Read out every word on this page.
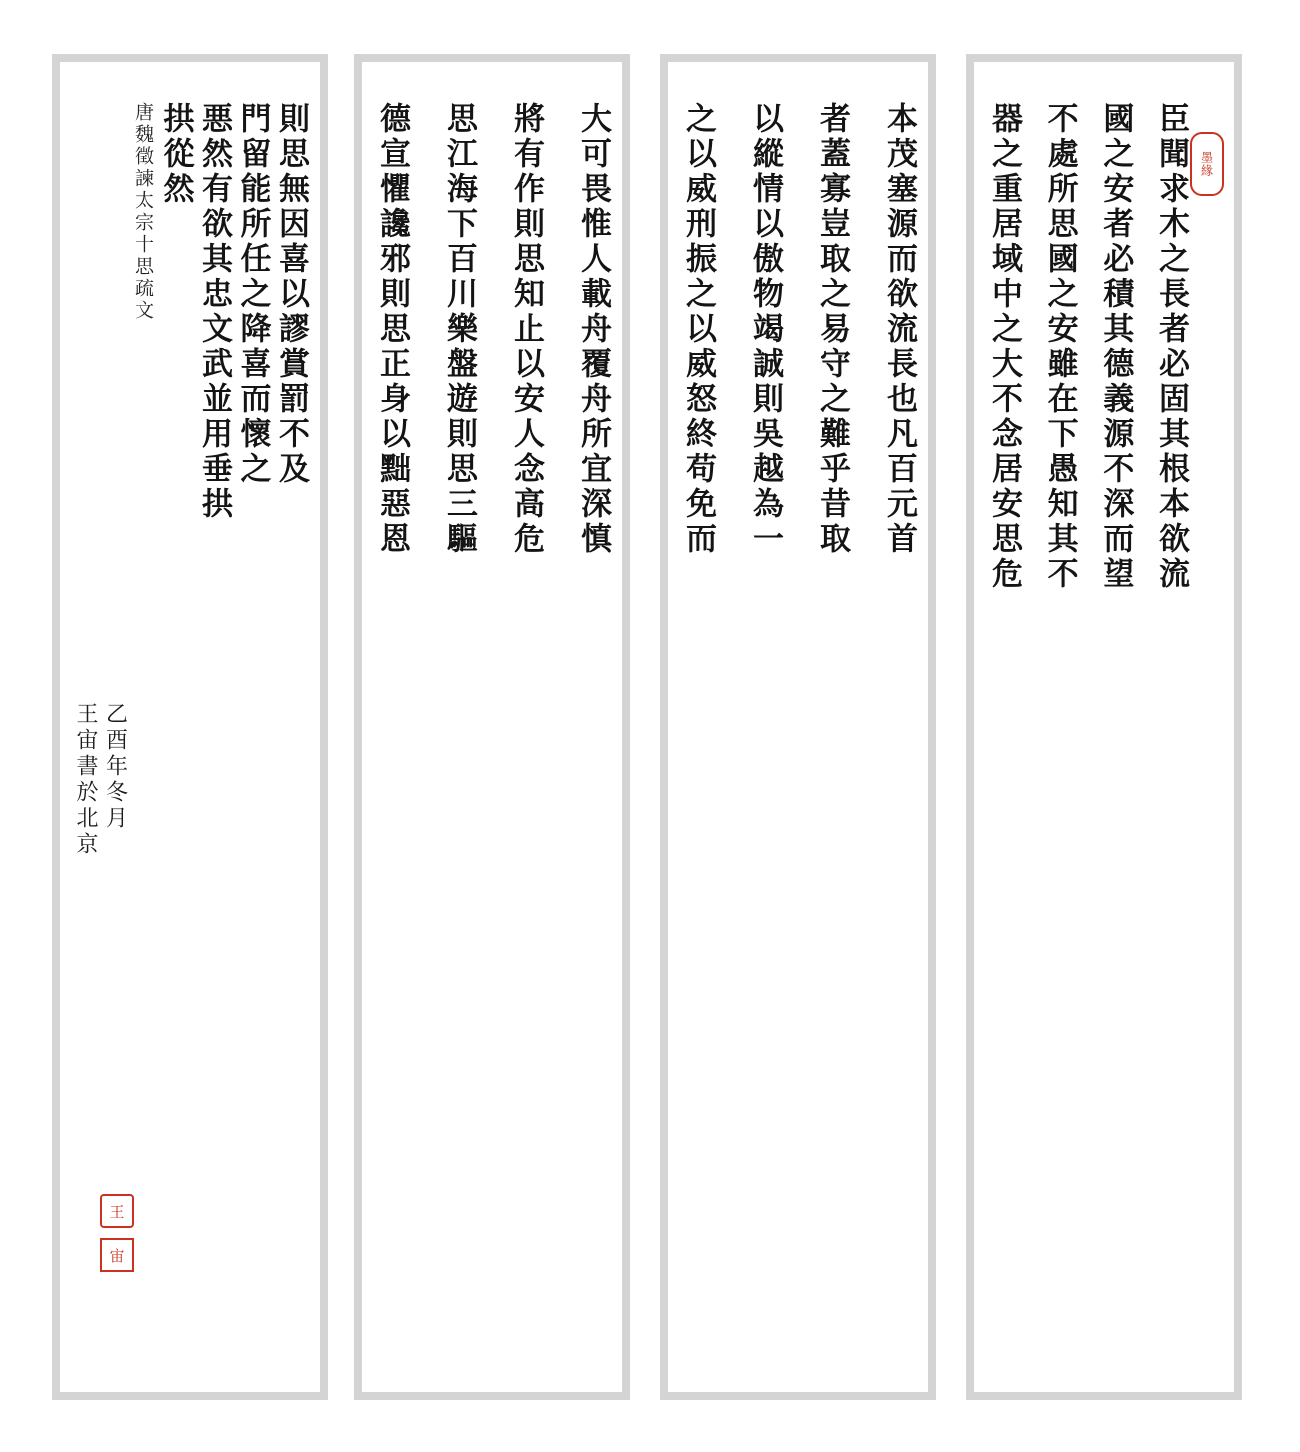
則思無因喜以謬賞罰不及
門留能所任之降喜而懷之
悪然有欲其忠文武並用垂拱
拱從然
唐魏徵諫太宗十思疏文
乙酉年冬月
王宙書於北京
王
宙
大可畏惟人載舟覆舟所宜深慎
將有作則思知止以安人念高危
思江海下百川樂盤遊則思三驅
德宣懼讒邪則思正身以黜惡恩	本茂塞源而欲流長也凡百元首
者蓋寡豈取之易守之難乎昔取
以縱情以傲物竭誠則吳越為一
之以威刑振之以威怒終苟免而	臣聞求木之長者必固其根本欲流
國之安者必積其德義源不深而望
不處所思國之安雖在下愚知其不
器之重居域中之大不念居安思危	墨緣
